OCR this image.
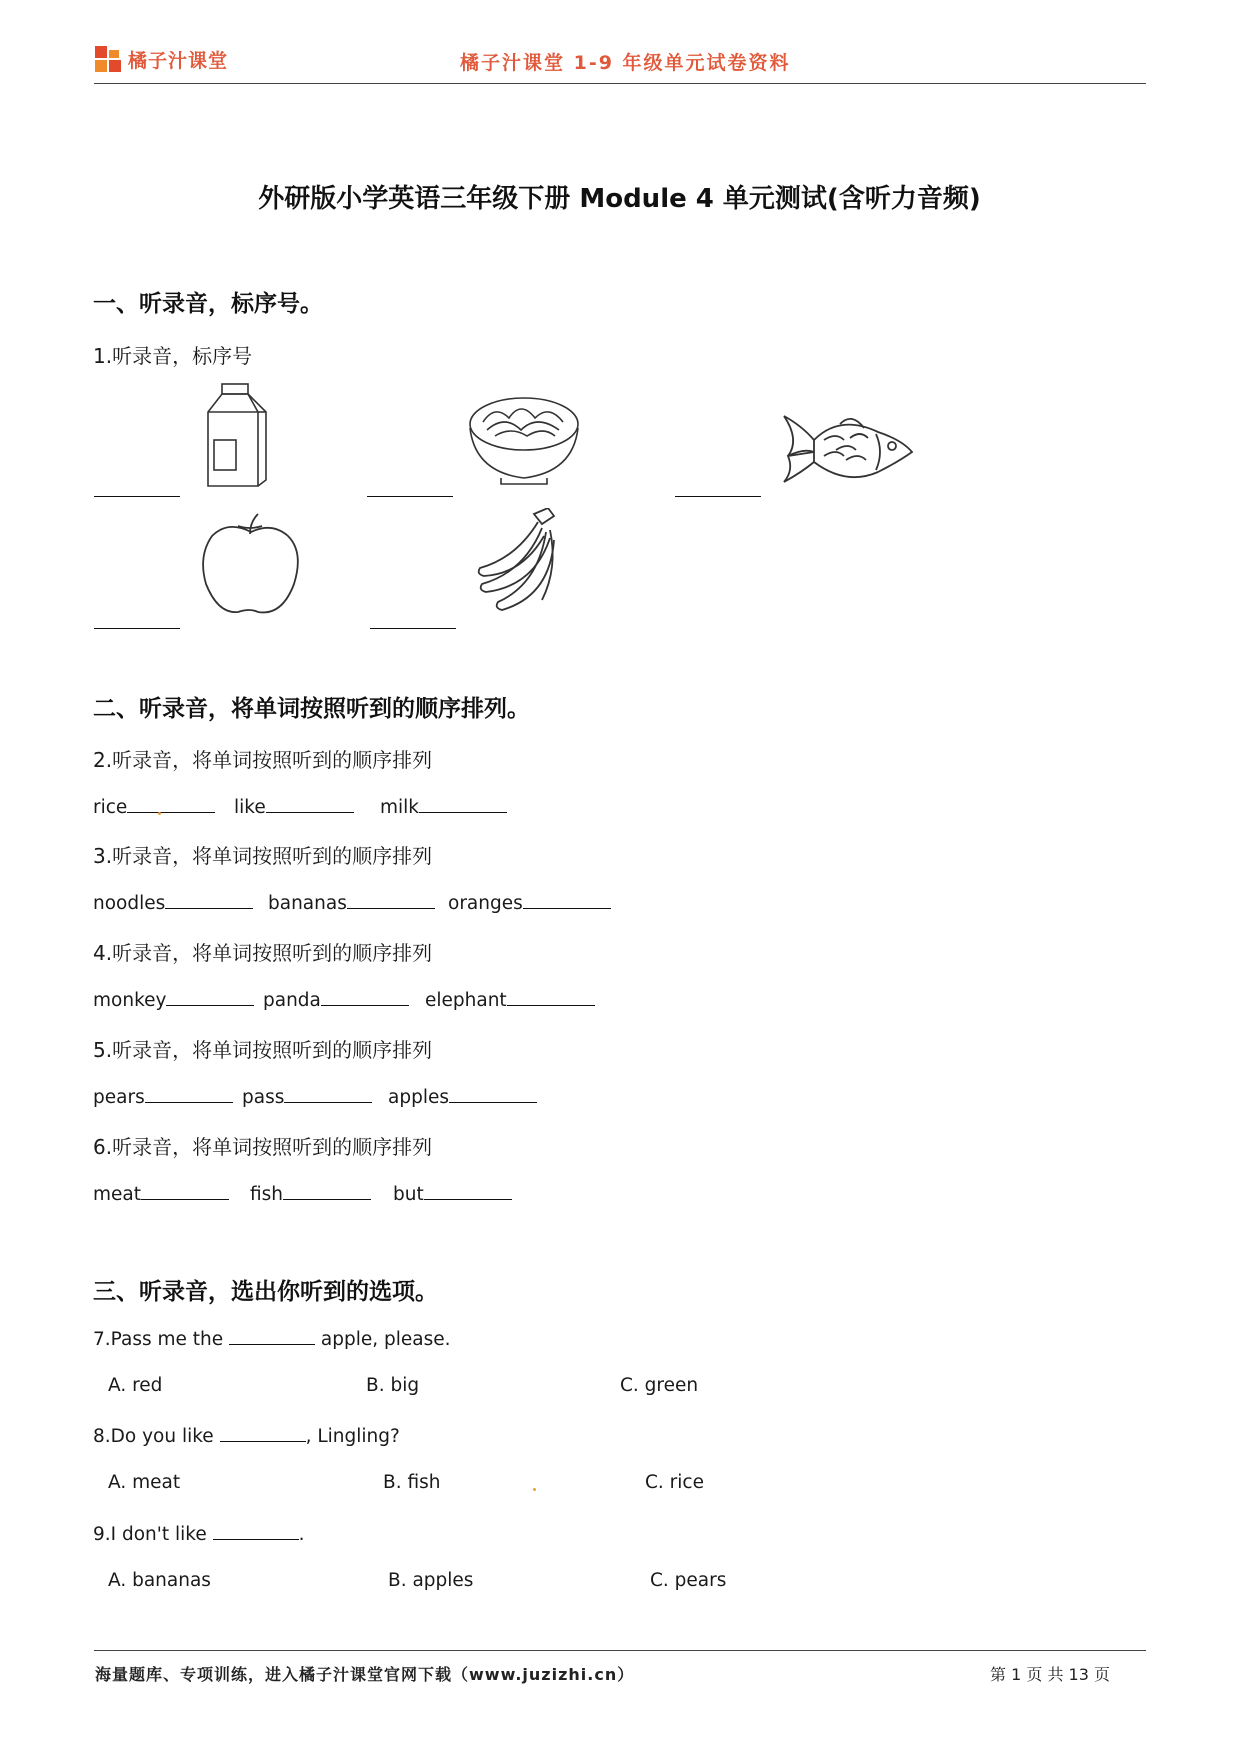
橘子汁课堂	橘子汁课堂 1-9 年级单元试卷资料
外研版小学英语三年级下册 Module 4 单元测试(含听力音频)
一、听录音，标序号。
1.听录音，标序号
二、听录音，将单词按照听到的顺序排列。
2.听录音，将单词按照听到的顺序排列
rice	like	milk
3.听录音，将单词按照听到的顺序排列
noodles	bananas	oranges
4.听录音，将单词按照听到的顺序排列
monkey	panda	elephant
5.听录音，将单词按照听到的顺序排列
pears	pass	apples
6.听录音，将单词按照听到的顺序排列
meat	fish	but
三、听录音，选出你听到的选项。
7.Pass me the	apple, please.
A. red	B. big	C. green
8.Do you like	, Lingling?
A. meat	B. fish	C. rice
9.I don't like	.
A. bananas	B. apples	C. pears
海量题库、专项训练，进入橘子汁课堂官网下载（www.juzizhi.cn）	第 1 页 共 13 页
